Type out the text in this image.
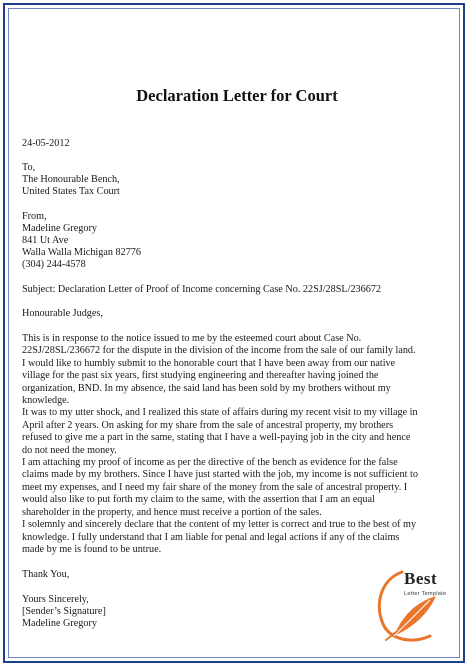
Declaration Letter for Court
24-05-2012
To,
The Honourable Bench,
United States Tax Court
From,
Madeline Gregory
841 Ut Ave
Walla Walla Michigan 82776
(304) 244-4578
Subject: Declaration Letter of Proof of Income concerning Case No. 22SJ/28SL/236672
Honourable Judges,
This is in response to the notice issued to me by the esteemed court about Case No.
22SJ/28SL/236672 for the dispute in the division of the income from the sale of our family land.
I would like to humbly submit to the honorable court that I have been away from our native
village for the past six years, first studying engineering and thereafter having joined the
organization, BND. In my absence, the said land has been sold by my brothers without my
knowledge.
It was to my utter shock, and I realized this state of affairs during my recent visit to my village in
April after 2 years. On asking for my share from the sale of ancestral property, my brothers
refused to give me a part in the same, stating that I have a well-paying job in the city and hence
do not need the money.
I am attaching my proof of income as per the directive of the bench as evidence for the false
claims made by my brothers. Since I have just started with the job, my income is not sufficient to
meet my expenses, and I need my fair share of the money from the sale of ancestral property. I
would also like to put forth my claim to the same, with the assertion that I am an equal
shareholder in the property, and hence must receive a portion of the sales.
I solemnly and sincerely declare that the content of my letter is correct and true to the best of my
knowledge. I fully understand that I am liable for penal and legal actions if any of the claims
made by me is found to be untrue.
Thank You,
Yours Sincerely,
[Sender’s Signature]
Madeline Gregory
Best
Letter Template
